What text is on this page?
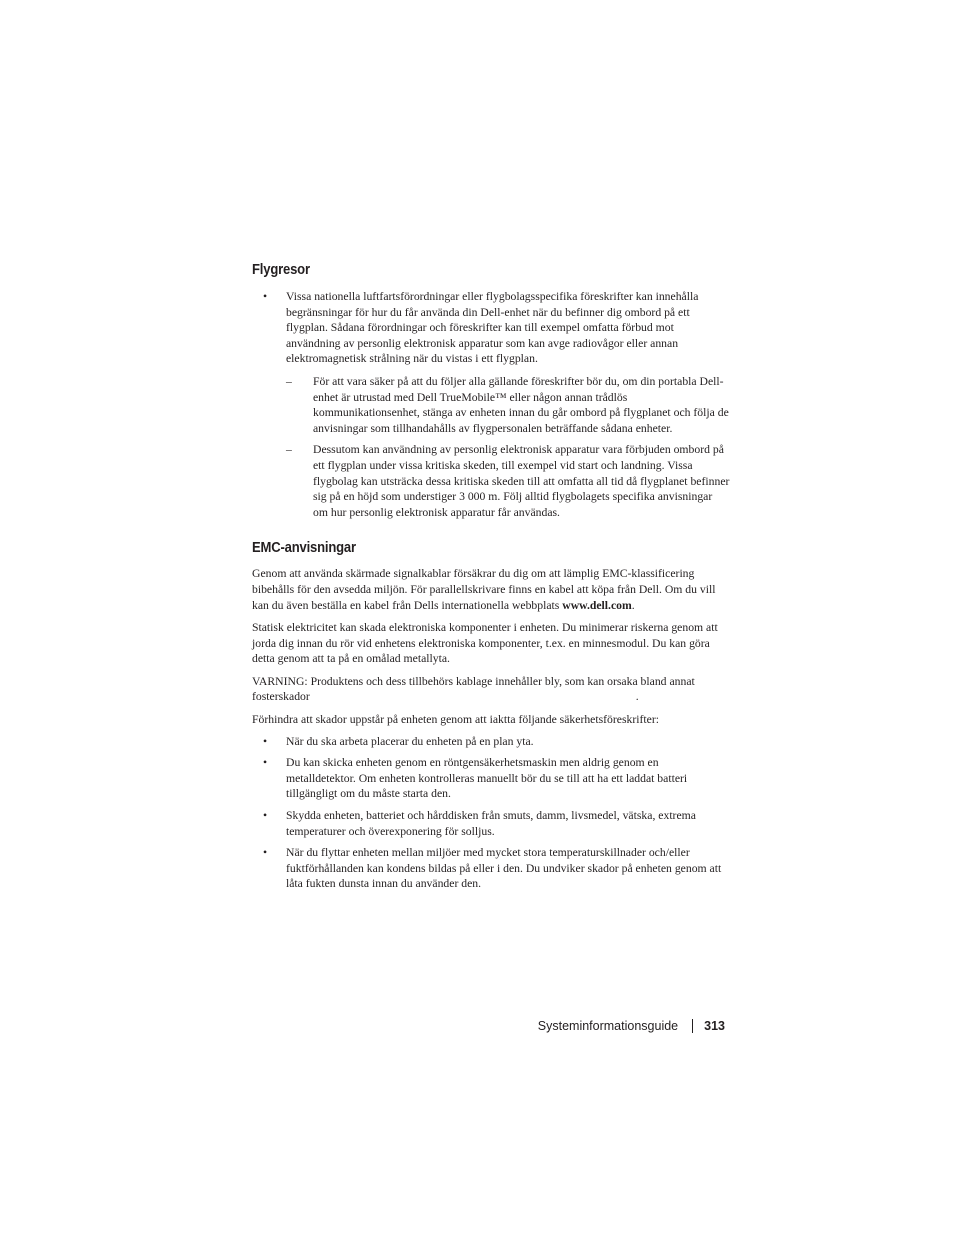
Flygresor
• Vissa nationella luftfartsförordningar eller flygbolagsspecifika föreskrifter kan innehålla begränsningar för hur du får använda din Dell-enhet när du befinner dig ombord på ett flygplan. Sådana förordningar och föreskrifter kan till exempel omfatta förbud mot användning av personlig elektronisk apparatur som kan avge radiovågor eller annan elektromagnetisk strålning när du vistas i ett flygplan.
– För att vara säker på att du följer alla gällande föreskrifter bör du, om din portabla Dell-enhet är utrustad med Dell TrueMobile™ eller någon annan trådlös kommunikationsenhet, stänga av enheten innan du går ombord på flygplanet och följa de anvisningar som tillhandahålls av flygpersonalen beträffande sådana enheter.
– Dessutom kan användning av personlig elektronisk apparatur vara förbjuden ombord på ett flygplan under vissa kritiska skeden, till exempel vid start och landning. Vissa flygbolag kan utsträcka dessa kritiska skeden till att omfatta all tid då flygplanet befinner sig på en höjd som understiger 3 000 m. Följ alltid flygbolagets specifika anvisningar om hur personlig elektronisk apparatur får användas.
EMC-anvisningar

Genom att använda skärmade signalkablar försäkrar du dig om att lämplig EMC-klassificering bibehålls för den avsedda miljön. För parallellskrivare finns en kabel att köpa från Dell. Om du vill kan du även beställa en kabel från Dells internationella webbplats www.dell.com.

Statisk elektricitet kan skada elektroniska komponenter i enheten. Du minimerar riskerna genom att jorda dig innan du rör vid enhetens elektroniska komponenter, t.ex. en minnesmodul. Du kan göra detta genom att ta på en omålad metallyta.

VARNING: Produktens och dess tillbehörs kablage innehåller bly, som kan orsaka bland annat fosterskador	.

Förhindra att skador uppstår på enheten genom att iaktta följande säkerhetsföreskrifter:

• När du ska arbeta placerar du enheten på en plan yta.
• Du kan skicka enheten genom en röntgensäkerhetsmaskin men aldrig genom en metalldetektor. Om enheten kontrolleras manuellt bör du se till att ha ett laddat batteri tillgängligt om du måste starta den.
• Skydda enheten, batteriet och hårddisken från smuts, damm, livsmedel, vätska, extrema temperaturer och överexponering för solljus.
• När du flyttar enheten mellan miljöer med mycket stora temperaturskillnader och/eller fuktförhållanden kan kondens bildas på eller i den. Du undviker skador på enheten genom att låta fukten dunsta innan du använder den.
Systeminformationsguide 313
